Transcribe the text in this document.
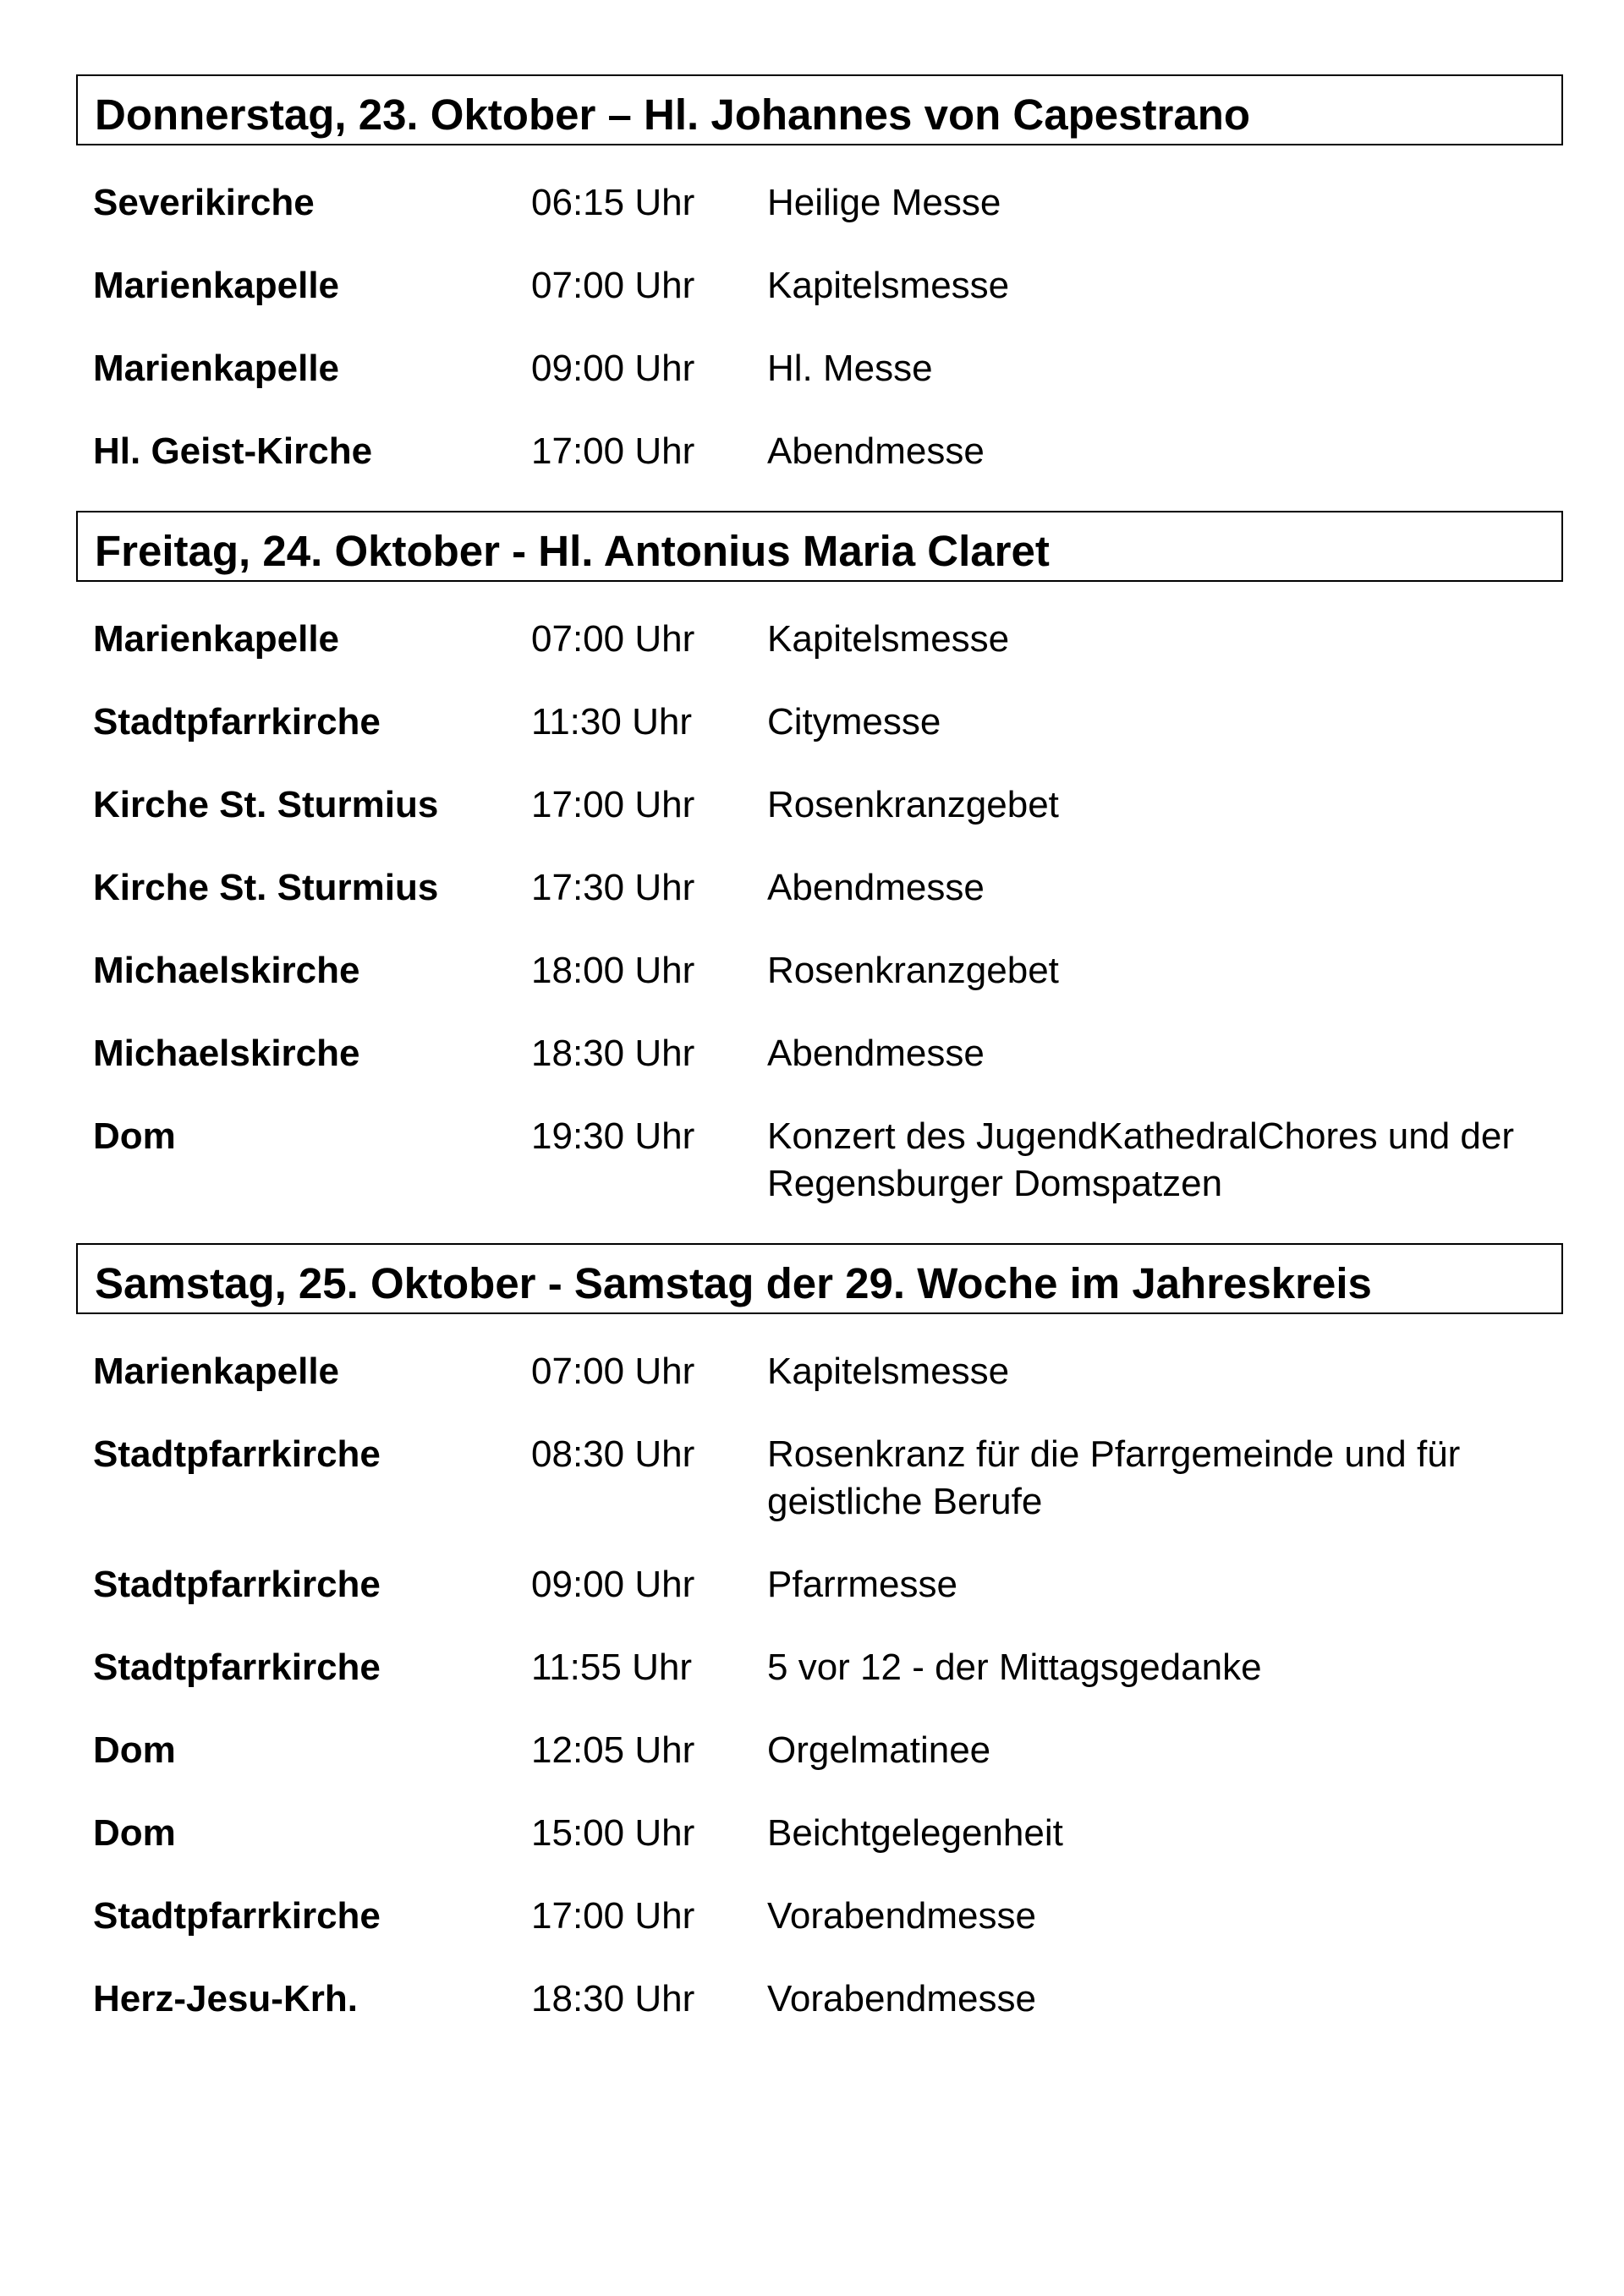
Donnerstag, 23. Oktober – Hl. Johannes von Capestrano
Severikirche	06:15 Uhr	Heilige Messe
Marienkapelle	07:00 Uhr	Kapitelsmesse
Marienkapelle	09:00 Uhr	Hl. Messe
Hl. Geist-Kirche	17:00 Uhr	Abendmesse
Freitag, 24. Oktober - Hl. Antonius Maria Claret
Marienkapelle	07:00 Uhr	Kapitelsmesse
Stadtpfarrkirche	11:30 Uhr	Citymesse
Kirche St. Sturmius	17:00 Uhr	Rosenkranzgebet
Kirche St. Sturmius	17:30 Uhr	Abendmesse
Michaelskirche	18:00 Uhr	Rosenkranzgebet
Michaelskirche	18:30 Uhr	Abendmesse
Dom	19:30 Uhr	Konzert des JugendKathedralChores und der Regensburger Domspatzen
Samstag, 25. Oktober - Samstag der 29. Woche im Jahreskreis
Marienkapelle	07:00 Uhr	Kapitelsmesse
Stadtpfarrkirche	08:30 Uhr	Rosenkranz für die Pfarrgemeinde und für geistliche Berufe
Stadtpfarrkirche	09:00 Uhr	Pfarrmesse
Stadtpfarrkirche	11:55 Uhr	5 vor 12 - der Mittagsgedanke
Dom	12:05 Uhr	Orgelmatinee
Dom	15:00 Uhr	Beichtgelegenheit
Stadtpfarrkirche	17:00 Uhr	Vorabendmesse
Herz-Jesu-Krh.	18:30 Uhr	Vorabendmesse
